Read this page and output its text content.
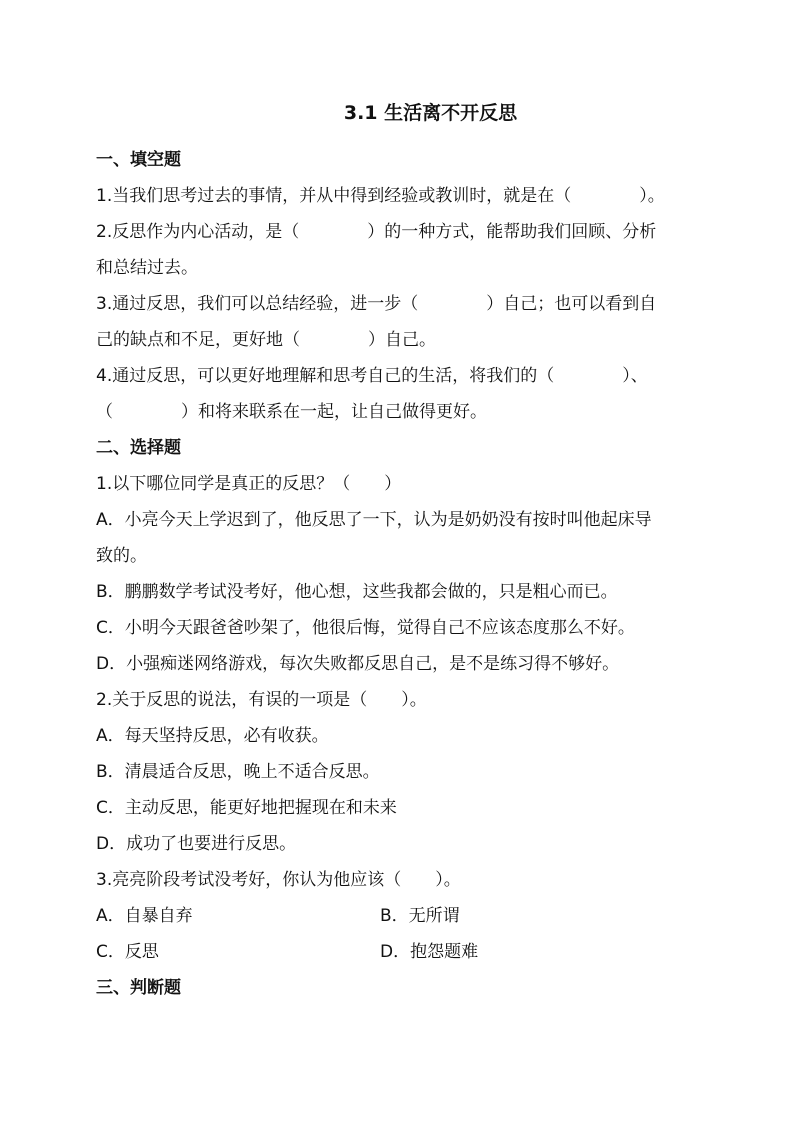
3.1 生活离不开反思
一、填空题
1.当我们思考过去的事情，并从中得到经验或教训时，就是在（　　　　）。
2.反思作为内心活动，是（　　　　）的一种方式，能帮助我们回顾、分析
和总结过去。
3.通过反思，我们可以总结经验，进一步（　　　　）自己；也可以看到自
己的缺点和不足，更好地（　　　　）自己。
4.通过反思，可以更好地理解和思考自己的生活，将我们的（　　　　）、
（　　　　）和将来联系在一起，让自己做得更好。
二、选择题
1.以下哪位同学是真正的反思？（　　）
A．小亮今天上学迟到了，他反思了一下，认为是奶奶没有按时叫他起床导
致的。
B．鹏鹏数学考试没考好，他心想，这些我都会做的，只是粗心而已。
C．小明今天跟爸爸吵架了，他很后悔，觉得自己不应该态度那么不好。
D．小强痴迷网络游戏，每次失败都反思自己，是不是练习得不够好。
2.关于反思的说法，有误的一项是（　　）。
A．每天坚持反思，必有收获。
B．清晨适合反思，晚上不适合反思。
C．主动反思，能更好地把握现在和未来
D．成功了也要进行反思。
3.亮亮阶段考试没考好，你认为他应该（　　）。
A．自暴自弃	B．无所谓
C．反思	D．抱怨题难
三、判断题
